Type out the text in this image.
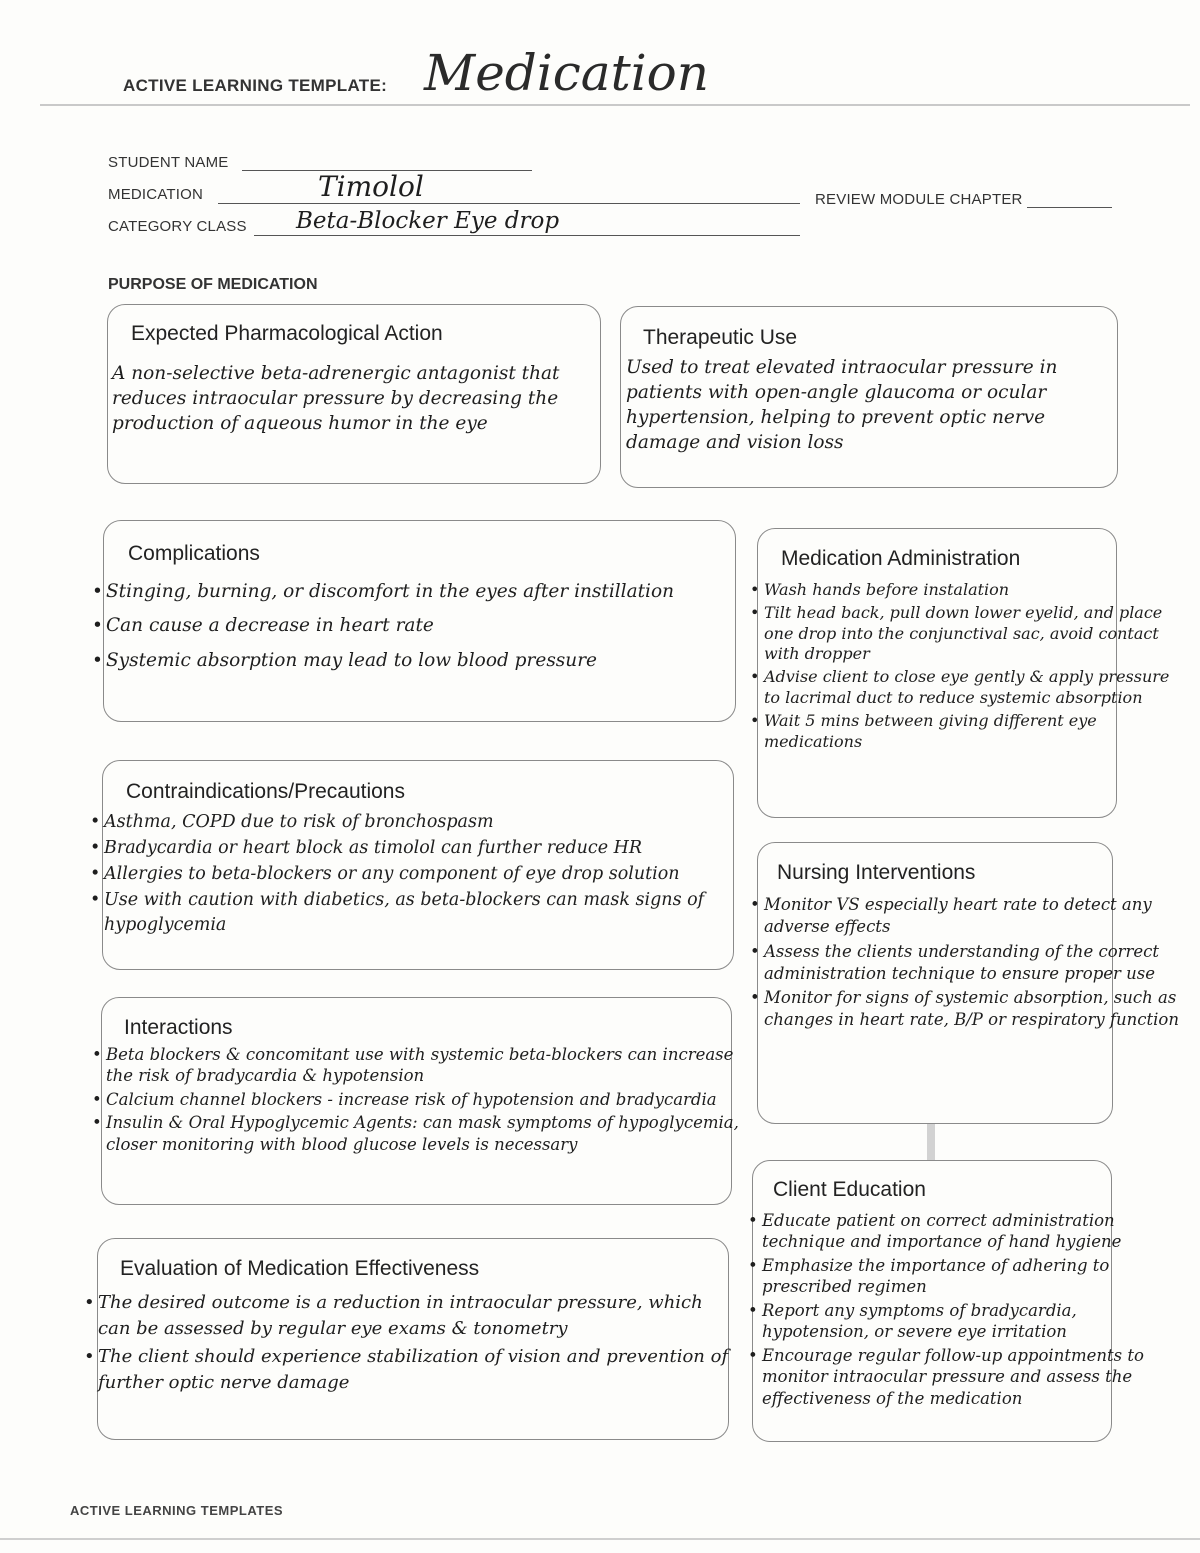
ACTIVE LEARNING TEMPLATE: Medication
STUDENT NAME
MEDICATION	Timolol	REVIEW MODULE CHAPTER
CATEGORY CLASS Beta-Blocker Eye drop
PURPOSE OF MEDICATION
Expected Pharmacological Action
A non-selective beta-adrenergic antagonist that reduces intraocular pressure by decreasing the production of aqueous humor in the eye
Therapeutic Use
Used to treat elevated intraocular pressure in patients with open-angle glaucoma or ocular hypertension, helping to prevent optic nerve damage and vision loss
Complications
• Stinging, burning, or discomfort in the eyes after instillation
• Can cause a decrease in heart rate
• Systemic absorption may lead to low blood pressure
Medication Administration
• Wash hands before instalation
• Tilt head back, pull down lower eyelid, and place one drop into the conjunctival sac, avoid contact with dropper
• Advise client to close eye gently & apply pressure to lacrimal duct to reduce systemic absorption
• Wait 5 mins between giving different eye medications
Contraindications/Precautions
• Asthma, COPD due to risk of bronchospasm
• Bradycardia or heart block as timolol can further reduce HR
• Allergies to beta-blockers or any component of eye drop solution
• Use with caution with diabetics, as beta-blockers can mask signs of hypoglycemia
Nursing Interventions
• Monitor VS especially heart rate to detect any adverse effects
• Assess the clients understanding of the correct administration technique to ensure proper use
• Monitor for signs of systemic absorption, such as changes in heart rate, B/P or respiratory function
Interactions
• Beta blockers & concomitant use with systemic beta-blockers can increase the risk of bradycardia & hypotension
• Calcium channel blockers - increase risk of hypotension and bradycardia
• Insulin & Oral Hypoglycemic Agents: can mask symptoms of hypoglycemia, closer monitoring with blood glucose levels is necessary
Client Education
• Educate patient on correct administration technique and importance of hand hygiene
• Emphasize the importance of adhering to prescribed regimen
• Report any symptoms of bradycardia, hypotension, or severe eye irritation
• Encourage regular follow-up appointments to monitor intraocular pressure and assess the effectiveness of the medication
Evaluation of Medication Effectiveness
• The desired outcome is a reduction in intraocular pressure, which can be assessed by regular eye exams & tonometry
• The client should experience stabilization of vision and prevention of further optic nerve damage
ACTIVE LEARNING TEMPLATES
